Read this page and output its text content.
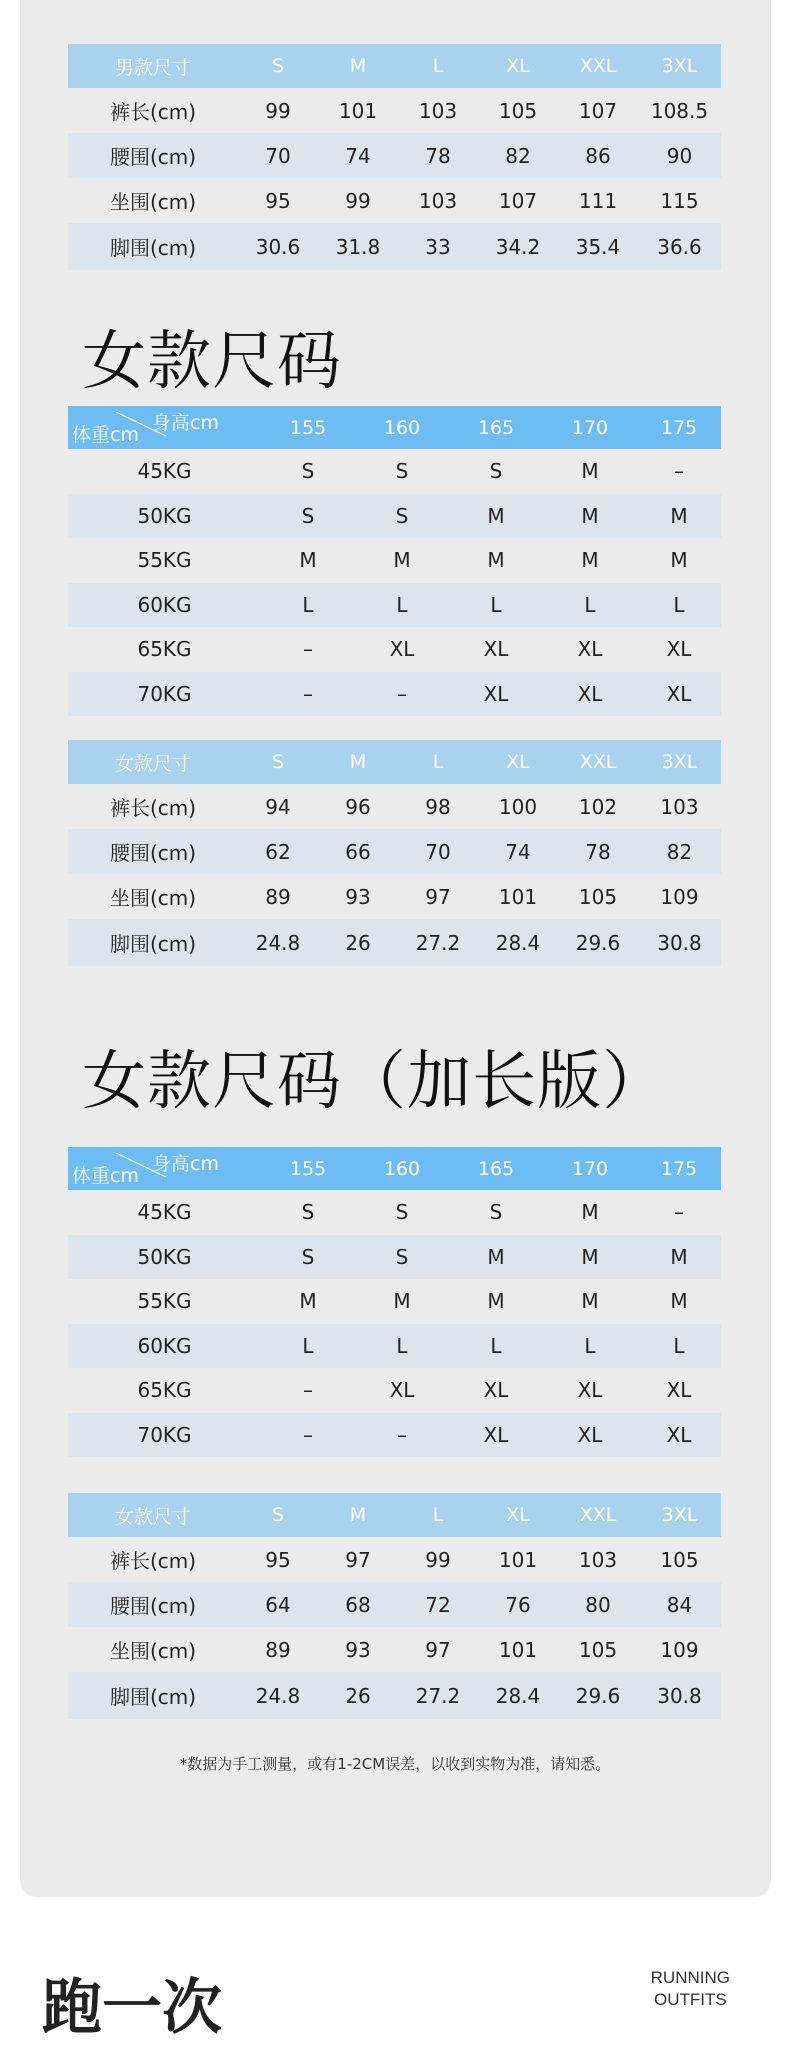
男款尺寸	S	M	L	XL	XXL	3XL
裤长(cm)	99	101	103	105	107	108.5
腰围(cm)	70	74	78	82	86	90
坐围(cm)	95	99	103	107	111	115
脚围(cm)	30.6	31.8	33	34.2	35.4	36.6
女款尺码
身高cm
体重cm	155	160	165	170	175
45KG	S	S	S	M	–
50KG	S	S	M	M	M
55KG	M	M	M	M	M
60KG	L	L	L	L	L
65KG	–	XL	XL	XL	XL
70KG	–	–	XL	XL	XL
女款尺寸	S	M	L	XL	XXL	3XL
裤长(cm)	94	96	98	100	102	103
腰围(cm)	62	66	70	74	78	82
坐围(cm)	89	93	97	101	105	109
脚围(cm)	24.8	26	27.2	28.4	29.6	30.8
女款尺码（加长版）
身高cm
体重cm	155	160	165	170	175
45KG	S	S	S	M	–
50KG	S	S	M	M	M
55KG	M	M	M	M	M
60KG	L	L	L	L	L
65KG	–	XL	XL	XL	XL
70KG	–	–	XL	XL	XL
女款尺寸	S	M	L	XL	XXL	3XL
裤长(cm)	95	97	99	101	103	105
腰围(cm)	64	68	72	76	80	84
坐围(cm)	89	93	97	101	105	109
脚围(cm)	24.8	26	27.2	28.4	29.6	30.8
*数据为手工测量，或有1-2CM误差，以收到实物为准，请知悉。
跑一次	RUNNING
OUTFITS
